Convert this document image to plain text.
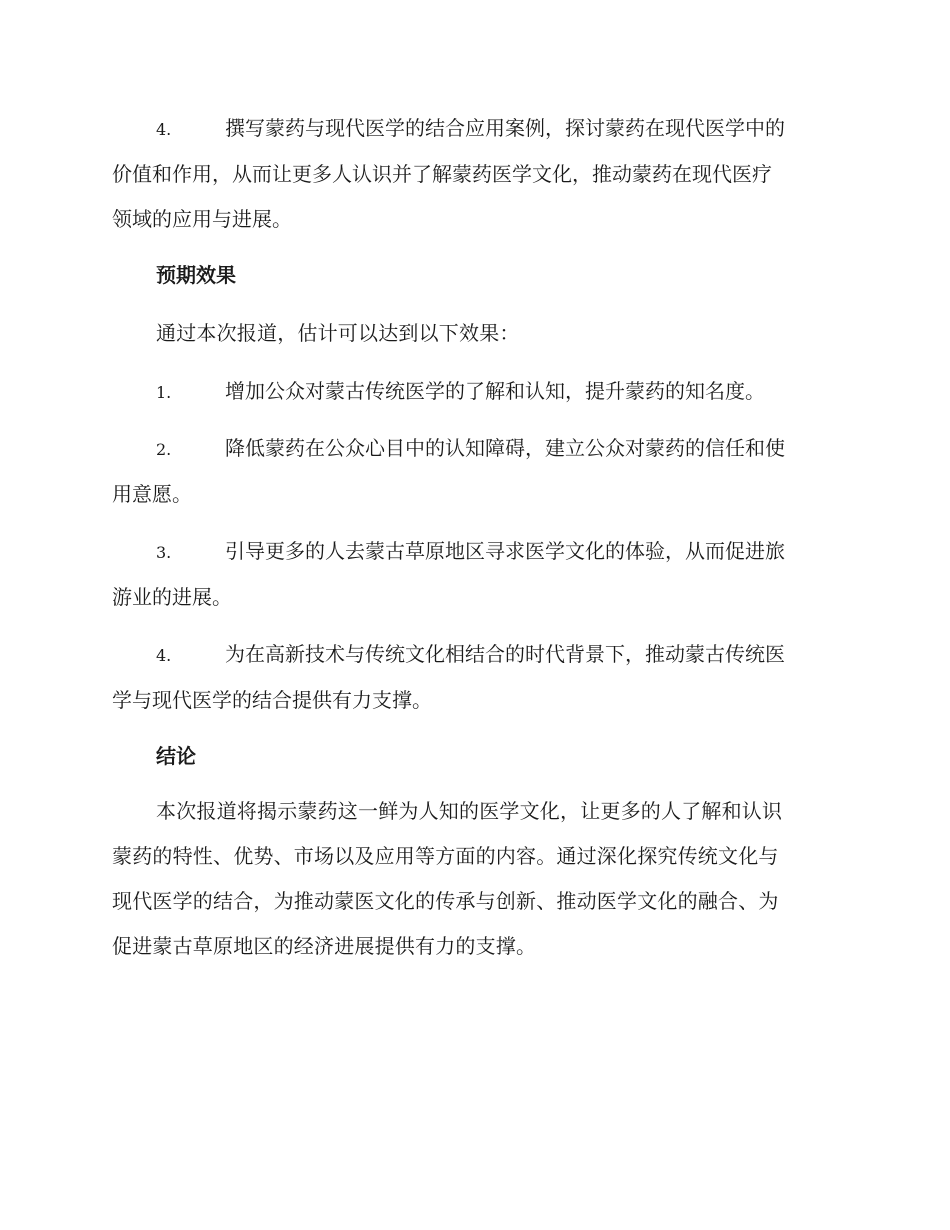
4.	撰写蒙药与现代医学的结合应用案例，探讨蒙药在现代医学中的
价值和作用，从而让更多人认识并了解蒙药医学文化，推动蒙药在现代医疗
领域的应用与进展。
预期效果
通过本次报道，估计可以达到以下效果：
1.	增加公众对蒙古传统医学的了解和认知，提升蒙药的知名度。
2.	降低蒙药在公众心目中的认知障碍，建立公众对蒙药的信任和使
用意愿。
3.	引导更多的人去蒙古草原地区寻求医学文化的体验，从而促进旅
游业的进展。
4.	为在高新技术与传统文化相结合的时代背景下，推动蒙古传统医
学与现代医学的结合提供有力支撑。
结论
本次报道将揭示蒙药这一鲜为人知的医学文化，让更多的人了解和认识
蒙药的特性、优势、市场以及应用等方面的内容。通过深化探究传统文化与
现代医学的结合，为推动蒙医文化的传承与创新、推动医学文化的融合、为
促进蒙古草原地区的经济进展提供有力的支撑。
